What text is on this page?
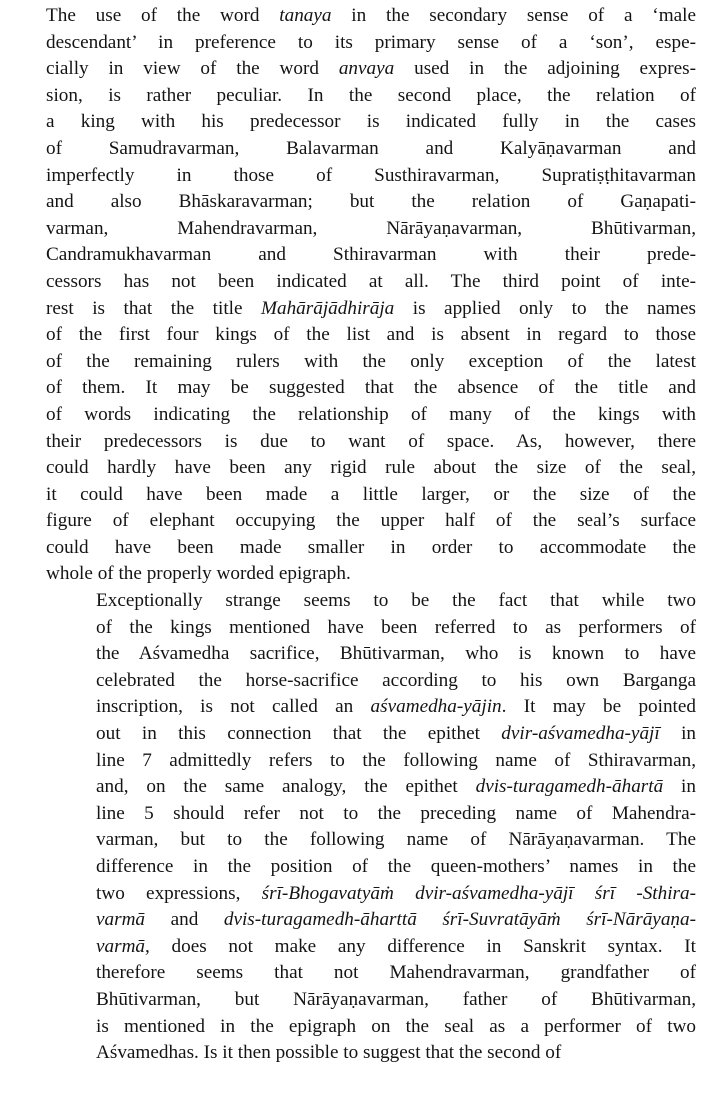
The use of the word tanaya in the secondary sense of a ‘male
descendant’ in preference to its primary sense of a ‘son’, espe-
cially in view of the word anvaya used in the adjoining expres-
sion, is rather peculiar. In the second place, the relation of
a king with his predecessor is indicated fully in the cases
of Samudravarman, Balavarman and Kalyāṇavarman and
imperfectly in those of Susthiravarman, Supratiṣṭhitavarman
and also Bhāskaravarman; but the relation of Gaṇapati-
varman, Mahendravarman, Nārāyaṇavarman, Bhūtivarman,
Candramukhavarman and Sthiravarman with their prede-
cessors has not been indicated at all. The third point of inte-
rest is that the title Mahārājādhirāja is applied only to the names
of the first four kings of the list and is absent in regard to those
of the remaining rulers with the only exception of the latest
of them. It may be suggested that the absence of the title and
of words indicating the relationship of many of the kings with
their predecessors is due to want of space. As, however, there
could hardly have been any rigid rule about the size of the seal,
it could have been made a little larger, or the size of the
figure of elephant occupying the upper half of the seal’s surface
could have been made smaller in order to accommodate the
whole of the properly worded epigraph.

Exceptionally strange seems to be the fact that while two
of the kings mentioned have been referred to as performers of
the Aśvamedha sacrifice, Bhūtivarman, who is known to have
celebrated the horse-sacrifice according to his own Barganga
inscription, is not called an aśvamedha-yājin. It may be pointed
out in this connection that the epithet dvir-aśvamedha-yājī in
line 7 admittedly refers to the following name of Sthiravarman,
and, on the same analogy, the epithet dvis-turagamedh-āhartā in
line 5 should refer not to the preceding name of Mahendra-
varman, but to the following name of Nārāyaṇavarman. The
difference in the position of the queen-mothers’ names in the
two expressions, śrī-Bhogavatyāṁ dvir-aśvamedha-yājī śrī -Sthira-
varmā and dvis-turagamedh-āharttā śrī-Suvratāyāṁ śrī-Nārāyaṇa-
varmā, does not make any difference in Sanskrit syntax. It
therefore seems that not Mahendravarman, grandfather of
Bhūtivarman, but Nārāyaṇavarman, father of Bhūtivarman,
is mentioned in the epigraph on the seal as a performer of two
Aśvamedhas. Is it then possible to suggest that the second of
